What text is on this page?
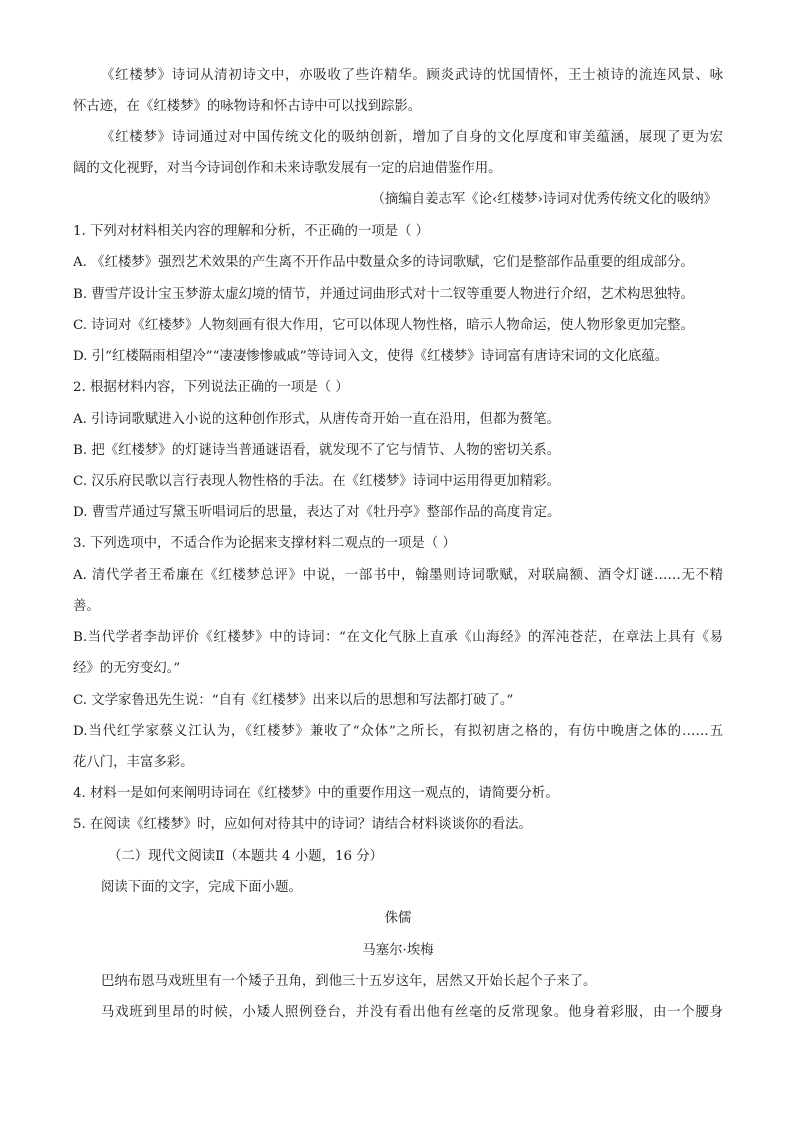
《红楼梦》诗词从清初诗文中，亦吸收了些许精华。顾炎武诗的忧国情怀，王士祯诗的流连风景、咏
怀古迹，在《红楼梦》的咏物诗和怀古诗中可以找到踪影。
《红楼梦》诗词通过对中国传统文化的吸纳创新，增加了自身的文化厚度和审美蕴涵，展现了更为宏
阔的文化视野，对当今诗词创作和未来诗歌发展有一定的启迪借鉴作用。
（摘编自姜志军《论‹红楼梦›诗词对优秀传统文化的吸纳》
1. 下列对材料相关内容的理解和分析，不正确的一项是（ ）
A. 《红楼梦》强烈艺术效果的产生离不开作品中数量众多的诗词歌赋，它们是整部作品重要的组成部分。
B. 曹雪芹设计宝玉梦游太虚幻境的情节，并通过词曲形式对十二钗等重要人物进行介绍，艺术构思独特。
C. 诗词对《红楼梦》人物刻画有很大作用，它可以体现人物性格，暗示人物命运，使人物形象更加完整。
D. 引“红楼隔雨相望冷”“凄凄惨惨戚戚”等诗词入文，使得《红楼梦》诗词富有唐诗宋词的文化底蕴。
2. 根据材料内容，下列说法正确的一项是（ ）
A. 引诗词歌赋进入小说的这种创作形式，从唐传奇开始一直在沿用，但都为赘笔。
B. 把《红楼梦》的灯谜诗当普通谜语看，就发现不了它与情节、人物的密切关系。
C. 汉乐府民歌以言行表现人物性格的手法。在《红楼梦》诗词中运用得更加精彩。
D. 曹雪芹通过写黛玉听唱词后的思量，表达了对《牡丹亭》整部作品的高度肯定。
3. 下列选项中，不适合作为论据来支撑材料二观点的一项是（ ）
A. 清代学者王希廉在《红楼梦总评》中说，一部书中，翰墨则诗词歌赋，对联扁额、酒令灯谜……无不精
善。
B.当代学者李劼评价《红楼梦》中的诗词：“在文化气脉上直承《山海经》的浑沌苍茫，在章法上具有《易
经》的无穷变幻。”
C. 文学家鲁迅先生说：“自有《红楼梦》出来以后的思想和写法都打破了。”
D.当代红学家蔡义江认为，《红楼梦》兼收了“众体”之所长，有拟初唐之格的，有仿中晚唐之体的……五
花八门，丰富多彩。
4. 材料一是如何来阐明诗词在《红楼梦》中的重要作用这一观点的，请简要分析。
5. 在阅读《红楼梦》时，应如何对待其中的诗词？请结合材料谈谈你的看法。
（二）现代文阅读Ⅱ（本题共 4 小题，16 分）
阅读下面的文字，完成下面小题。
侏儒
马塞尔·埃梅
巴纳布恩马戏班里有一个矮子丑角，到他三十五岁这年，居然又开始长起个子来了。
马戏班到里昂的时候，小矮人照例登台，并没有看出他有丝毫的反常现象。他身着彩服，由一个腰身
